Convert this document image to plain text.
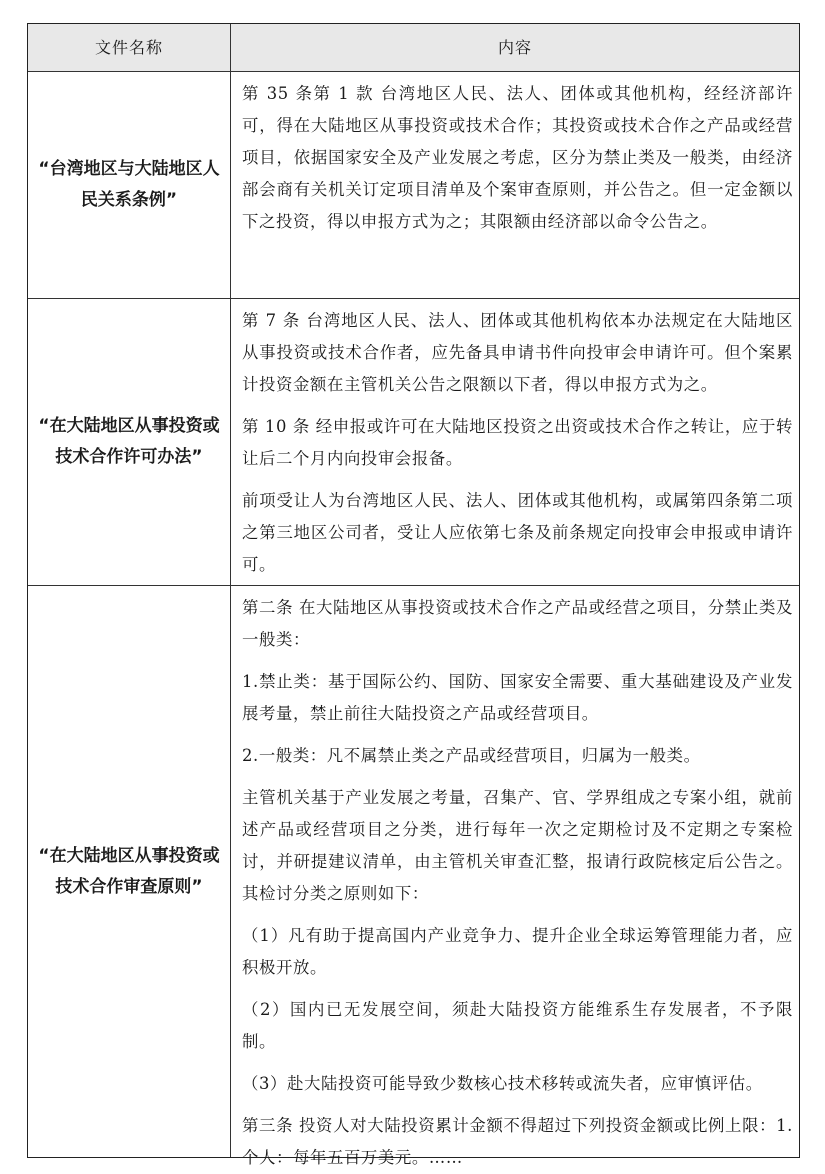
文件名称	内容
“台湾地区与大陆地区人民关系条例”

第 35 条第 1 款 台湾地区人民、法人、团体或其他机构，经经济部许可，得在大陆地区从事投资或技术合作；其投资或技术合作之产品或经营项目，依据国家安全及产业发展之考虑，区分为禁止类及一般类，由经济部会商有关机关订定项目清单及个案审查原则，并公告之。但一定金额以下之投资，得以申报方式为之；其限额由经济部以命令公告之。

“在大陆地区从事投资或技术合作许可办法”

第 7 条 台湾地区人民、法人、团体或其他机构依本办法规定在大陆地区从事投资或技术合作者，应先备具申请书件向投审会申请许可。但个案累计投资金额在主管机关公告之限额以下者，得以申报方式为之。

第 10 条 经申报或许可在大陆地区投资之出资或技术合作之转让，应于转让后二个月内向投审会报备。

前项受让人为台湾地区人民、法人、团体或其他机构，或属第四条第二项之第三地区公司者，受让人应依第七条及前条规定向投审会申报或申请许可。

“在大陆地区从事投资或技术合作审查原则”

第二条 在大陆地区从事投资或技术合作之产品或经营之项目，分禁止类及一般类：

1.禁止类：基于国际公约、国防、国家安全需要、重大基础建设及产业发展考量，禁止前往大陆投资之产品或经营项目。

2.一般类：凡不属禁止类之产品或经营项目，归属为一般类。

主管机关基于产业发展之考量，召集产、官、学界组成之专案小组，就前述产品或经营项目之分类，进行每年一次之定期检讨及不定期之专案检讨，并研提建议清单，由主管机关审查汇整，报请行政院核定后公告之。其检讨分类之原则如下：

（1）凡有助于提高国内产业竞争力、提升企业全球运筹管理能力者，应积极开放。

（2）国内已无发展空间，须赴大陆投资方能维系生存发展者，不予限制。

（3）赴大陆投资可能导致少数核心技术移转或流失者，应审慎评估。

第三条 投资人对大陆投资累计金额不得超过下列投资金额或比例上限：1.个人：每年五百万美元。……
